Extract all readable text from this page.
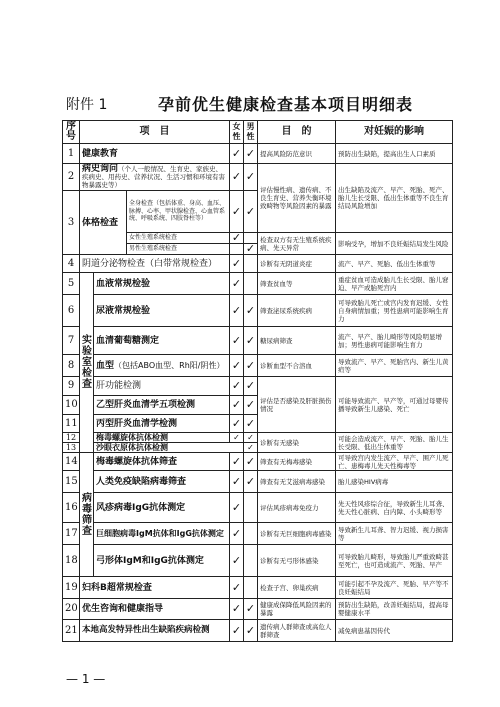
附件 1	孕前优生健康检查基本项目明细表
序号	项　目			女性	男性	目　的	对妊娠的影响	
1	健康教育			✓	✓	提高风险防范意识	预防出生缺陷，提高出生人口素质	
2	病史询问（个人一般情况、生育史、家族史、疾病史、用药史、营养状况、生活习惯和环境有害物暴露史等）			✓	✓	评估慢性病、遗传病、不良生育史、营养失衡环境致畸物等风险因素的暴露	出生缺陷及流产、早产、死胎、死产、胎儿生长受限、低出生体重等不良生育结局风险增加	
3	体格检查		全身检查（包括体重、身高、血压、脉搏、心率、甲状腺检查、心血管系统、呼吸系统、四肢脊柱等）	✓	✓			
			女性生殖系统检查	✓		检查双方有无生殖系统疾病、先天异常	影响受孕，增加不良妊娠结局发生风险	
			男性生殖系统检查		✓			
4	阴道分泌物检查（白带常规检查）			✓		诊断有无阴道炎症	流产、早产、死胎、低出生体重等	
5	实验室检查	血液常规检验		✓		筛查贫血等	重症贫血可造成胎儿生长受限、胎儿窘迫、早产或胎死宫内	
6		尿液常规检验		✓	✓	筛查泌尿系统疾病	可导致胎儿死亡或宫内发育迟缓、女性自身病情加重；男性患病可能影响生育力	
7		血清葡萄糖测定		✓	✓	糖尿病筛查	流产、早产、胎儿畸形等风险明显增加；男性患病可能影响生育力	
8		血型（包括ABO血型、Rh阳/阴性）		✓	✓	诊断血型不合溶血	导致流产、早产、死胎宫内、新生儿黄疸等	
9		肝功能检测		✓	✓	评估是否感染及肝脏损伤情况	可能导致流产、早产等，可通过母婴传播导致新生儿感染、死亡	
10		乙型肝炎血清学五项检测		✓	✓			
11		丙型肝炎血清学检测		✓	✓			
12		梅毒螺旋体抗体检测		✓	✓	诊断有无感染	可能会造成流产、早产、死胎、胎儿生长受限、低出生体重等	
13		沙眼衣原体抗体检测			✓	
14	病毒筛查	梅毒螺旋体抗体筛查		✓	✓	筛查有无梅毒感染	可导致宫内发生流产、早产、围产儿死亡、患梅毒儿先天性梅毒等	
15		人类免疫缺陷病毒筛查		✓	✓	筛查有无艾滋病毒感染	胎儿感染HIV病毒	
16		风疹病毒IgG抗体测定		✓		评估风疹病毒免疫力	先天性风疹综合征，导致新生儿耳聋、先天性心脏病、白内障、小头畸形等	
17		巨细胞病毒IgM抗体和IgG抗体测定		✓		诊断有无巨细胞病毒感染	导致新生儿耳聋、智力迟缓、视力损害等	
18		弓形体IgM和IgG抗体测定		✓		诊断有无弓形体感染	可导致胎儿畸形，导致胎儿严重致畸甚至死亡，也可造成流产、死胎、早产	
19	妇科B超常规检查			✓		检查子宫、卵巢疾病	可能引起不孕及流产、死胎、早产等不良妊娠结局	
20	优生咨询和健康指导			✓	✓	健康成保降低风险因素的暴露	预防出生缺陷，改善妊娠结局，提高母婴健康水平	
21	本地高发特异性出生缺陷疾病检测			✓	✓	遗传病人群筛查或高危人群筛查	减免病患基因传代	
— 1 —
